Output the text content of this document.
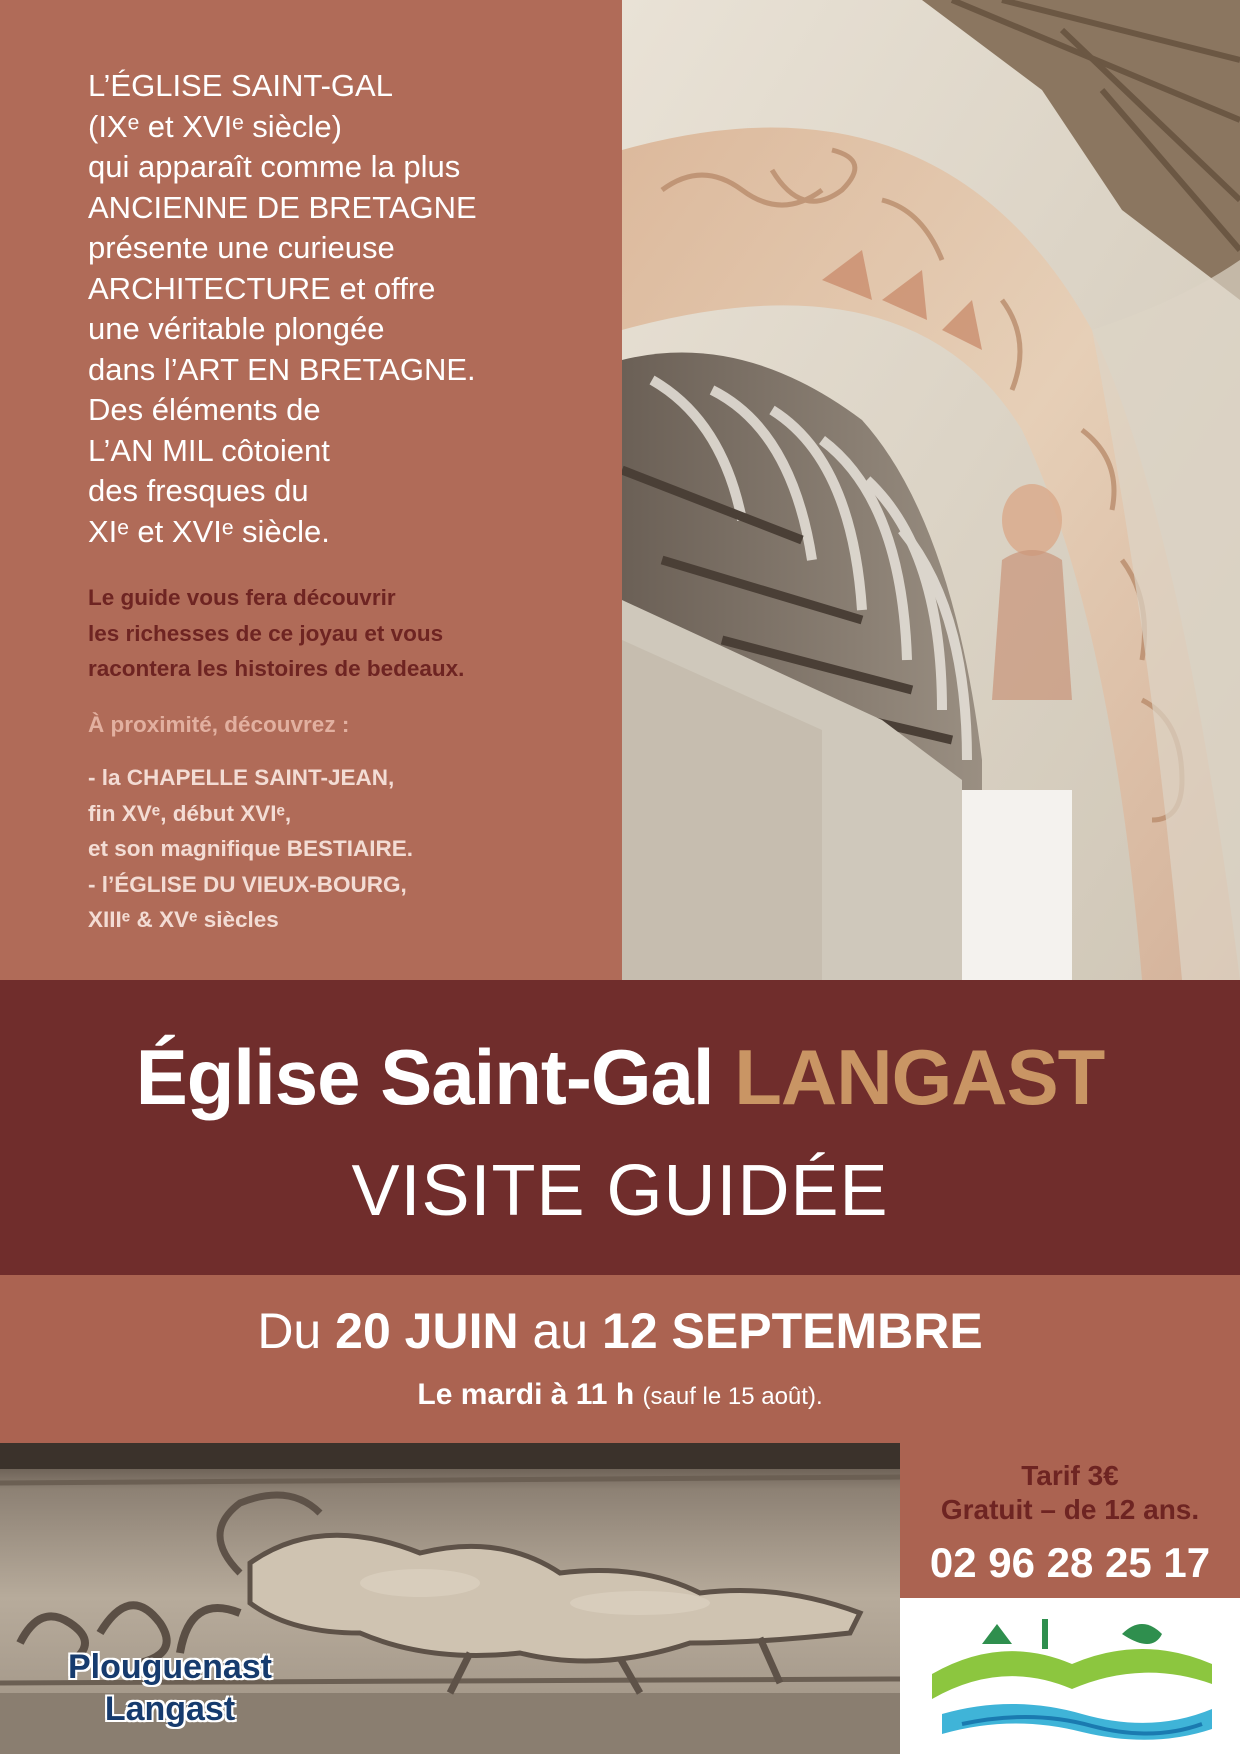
L’ÉGLISE SAINT-GAL
(IXᵉ et XVIᵉ siècle)
qui apparaît comme la plus
ANCIENNE DE BRETAGNE
présente une curieuse
ARCHITECTURE et offre
une véritable plongée
dans l’ART EN BRETAGNE.
Des éléments de
L’AN MIL côtoient
des fresques du
XIᵉ et XVIᵉ siècle.
Le guide vous fera découvrir
les richesses de ce joyau et vous
racontera les histoires de bedeaux.
À proximité, découvrez :
- la CHAPELLE SAINT-JEAN,
fin XVᵉ, début XVIᵉ,
et son magnifique BESTIAIRE.
- l’ÉGLISE DU VIEUX-BOURG,
XIIIᵉ & XVᵉ siècles
Église Saint-Gal LANGAST
VISITE GUIDÉE
Du 20 JUIN au 12 SEPTEMBRE
Le mardi à 11 h (sauf le 15 août).
Tarif 3€
Gratuit – de 12 ans.
02 96 28 25 17
Plouguenast
Langast
